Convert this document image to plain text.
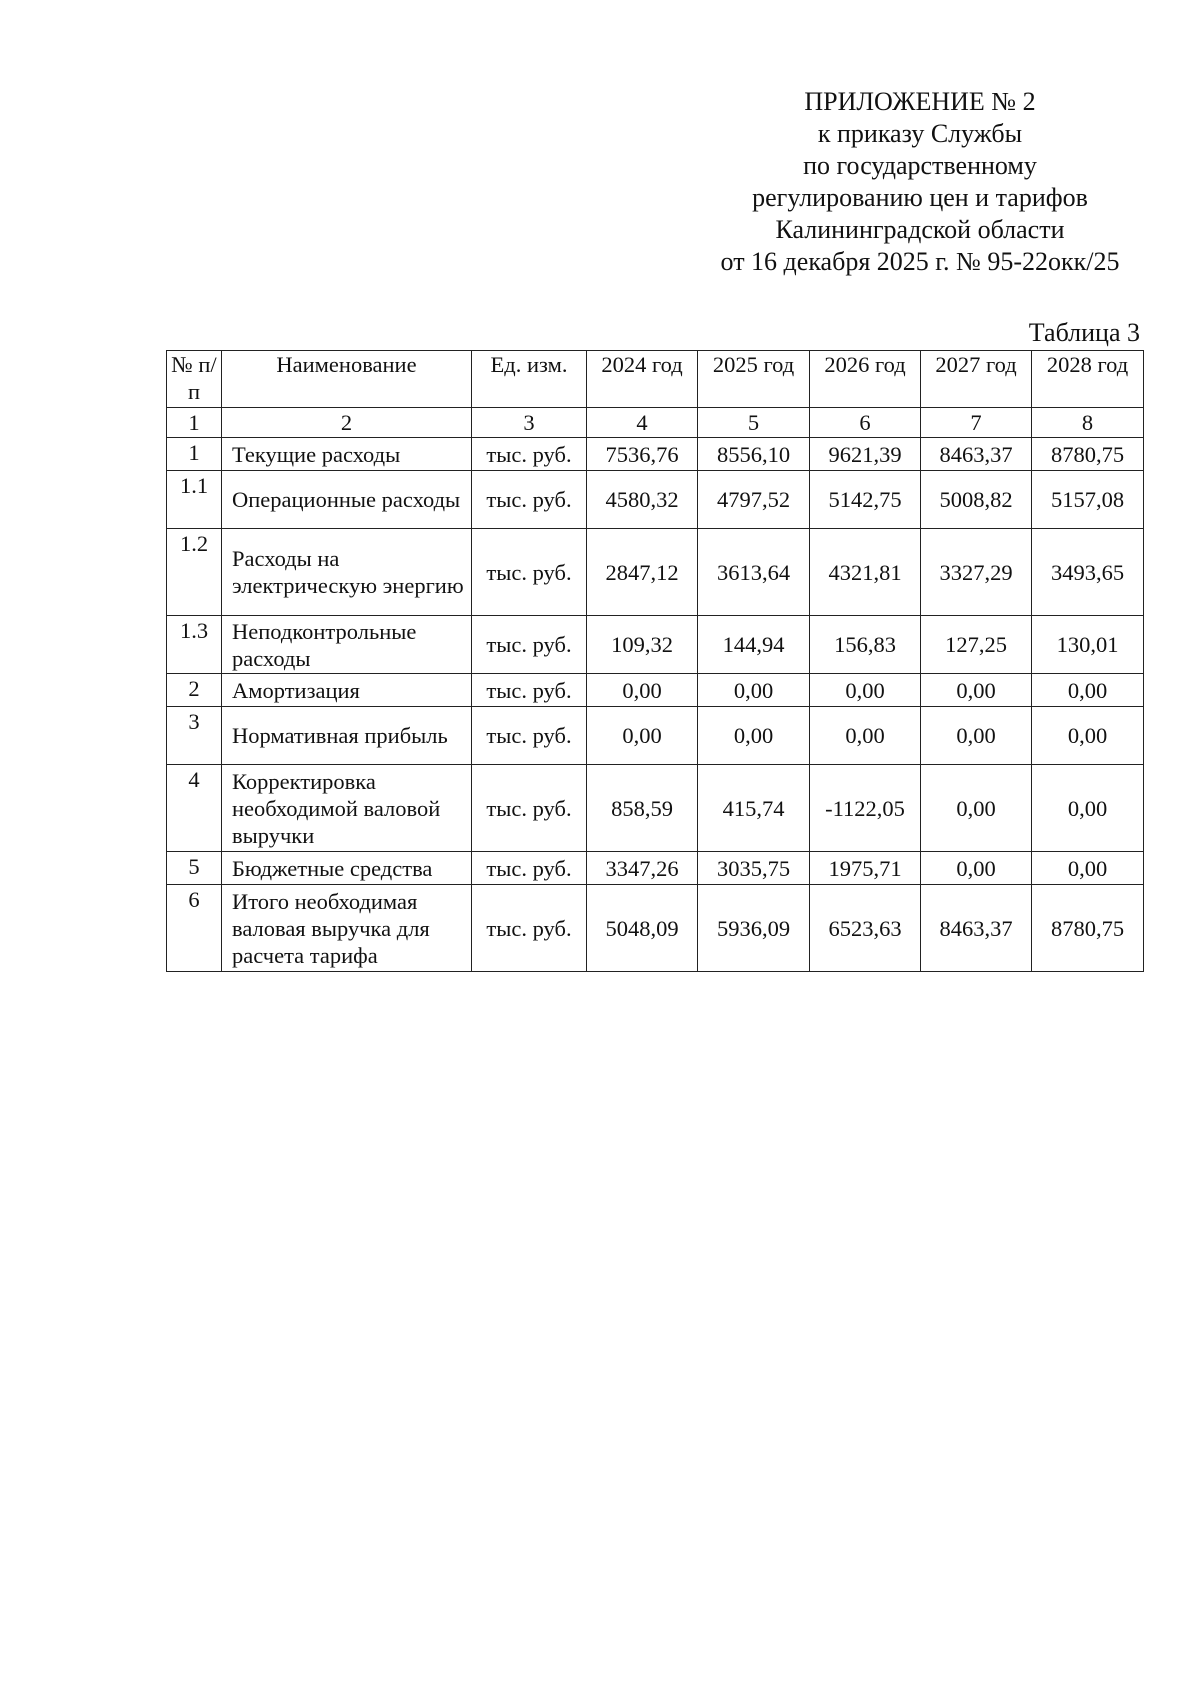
ПРИЛОЖЕНИЕ № 2
к приказу Службы
по государственному
регулированию цен и тарифов
Калининградской области
от 16 декабря 2025 г. № 95-22окк/25
Таблица 3
№ п/п	Наименование	Ед. изм.	2024 год	2025 год	2026 год	2027 год	2028 год
1	2	3	4	5	6	7	8
1	Текущие расходы	тыс. руб.	7536,76	8556,10	9621,39	8463,37	8780,75
1.1	Операционные расходы	тыс. руб.	4580,32	4797,52	5142,75	5008,82	5157,08
1.2	Расходы на электрическую энергию	тыс. руб.	2847,12	3613,64	4321,81	3327,29	3493,65
1.3	Неподконтрольные расходы	тыс. руб.	109,32	144,94	156,83	127,25	130,01
2	Амортизация	тыс. руб.	0,00	0,00	0,00	0,00	0,00
3	Нормативная прибыль	тыс. руб.	0,00	0,00	0,00	0,00	0,00
4	Корректировка необходимой валовой выручки	тыс. руб.	858,59	415,74	-1122,05	0,00	0,00
5	Бюджетные средства	тыс. руб.	3347,26	3035,75	1975,71	0,00	0,00
6	Итого необходимая валовая выручка для расчета тарифа	тыс. руб.	5048,09	5936,09	6523,63	8463,37	8780,75
